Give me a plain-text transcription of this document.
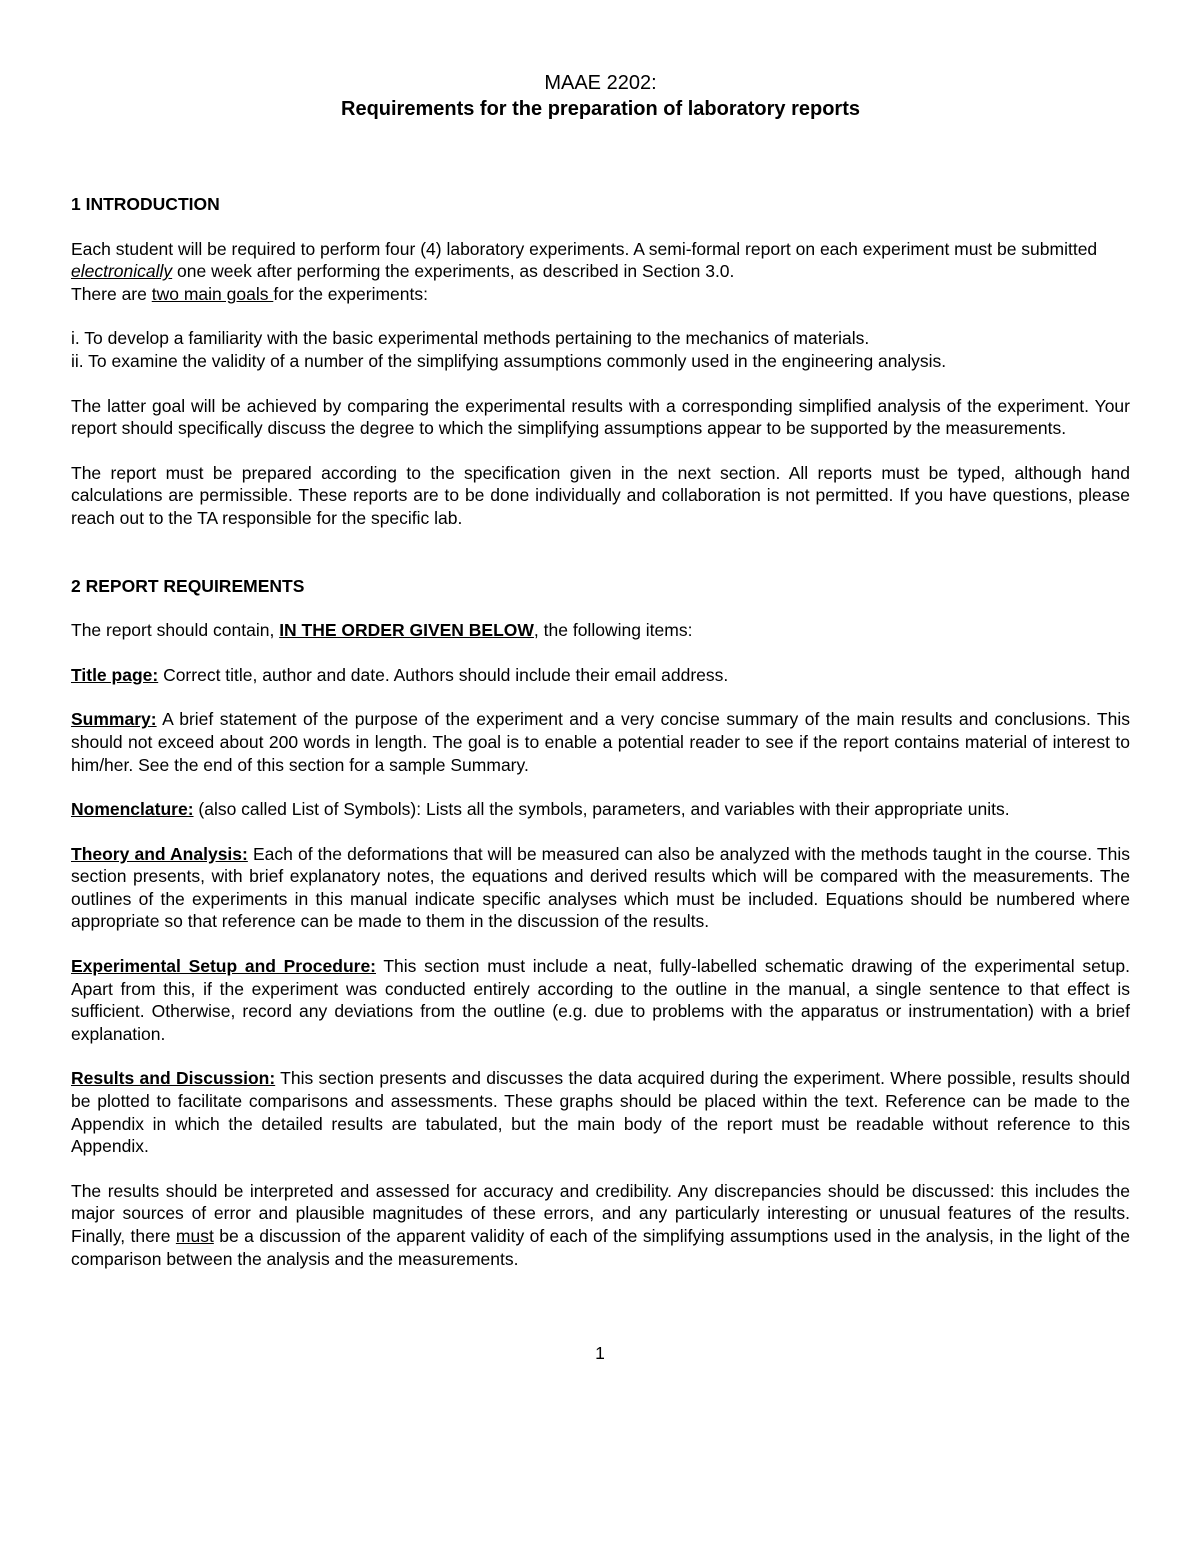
MAAE 2202:
Requirements for the preparation of laboratory reports
1 INTRODUCTION

Each student will be required to perform four (4) laboratory experiments. A semi-formal report on each experiment must be submitted electronically one week after performing the experiments, as described in Section 3.0.
There are two main goals for the experiments:

i. To develop a familiarity with the basic experimental methods pertaining to the mechanics of materials.

ii. To examine the validity of a number of the simplifying assumptions commonly used in the engineering analysis.

The latter goal will be achieved by comparing the experimental results with a corresponding simplified analysis of the experiment. Your report should specifically discuss the degree to which the simplifying assumptions appear to be supported by the measurements.

The report must be prepared according to the specification given in the next section. All reports must be typed, although hand calculations are permissible. These reports are to be done individually and collaboration is not permitted. If you have questions, please reach out to the TA responsible for the specific lab.

2 REPORT REQUIREMENTS

The report should contain, IN THE ORDER GIVEN BELOW, the following items:

Title page: Correct title, author and date. Authors should include their email address.

Summary: A brief statement of the purpose of the experiment and a very concise summary of the main results and conclusions. This should not exceed about 200 words in length. The goal is to enable a potential reader to see if the report contains material of interest to him/her. See the end of this section for a sample Summary.

Nomenclature: (also called List of Symbols): Lists all the symbols, parameters, and variables with their appropriate units.

Theory and Analysis: Each of the deformations that will be measured can also be analyzed with the methods taught in the course. This section presents, with brief explanatory notes, the equations and derived results which will be compared with the measurements. The outlines of the experiments in this manual indicate specific analyses which must be included. Equations should be numbered where appropriate so that reference can be made to them in the discussion of the results.

Experimental Setup and Procedure: This section must include a neat, fully-labelled schematic drawing of the experimental setup. Apart from this, if the experiment was conducted entirely according to the outline in the manual, a single sentence to that effect is sufficient. Otherwise, record any deviations from the outline (e.g. due to problems with the apparatus or instrumentation) with a brief explanation.

Results and Discussion: This section presents and discusses the data acquired during the experiment. Where possible, results should be plotted to facilitate comparisons and assessments. These graphs should be placed within the text. Reference can be made to the Appendix in which the detailed results are tabulated, but the main body of the report must be readable without reference to this Appendix.

The results should be interpreted and assessed for accuracy and credibility. Any discrepancies should be discussed: this includes the major sources of error and plausible magnitudes of these errors, and any particularly interesting or unusual features of the results. Finally, there must be a discussion of the apparent validity of each of the simplifying assumptions used in the analysis, in the light of the comparison between the analysis and the measurements.

1
